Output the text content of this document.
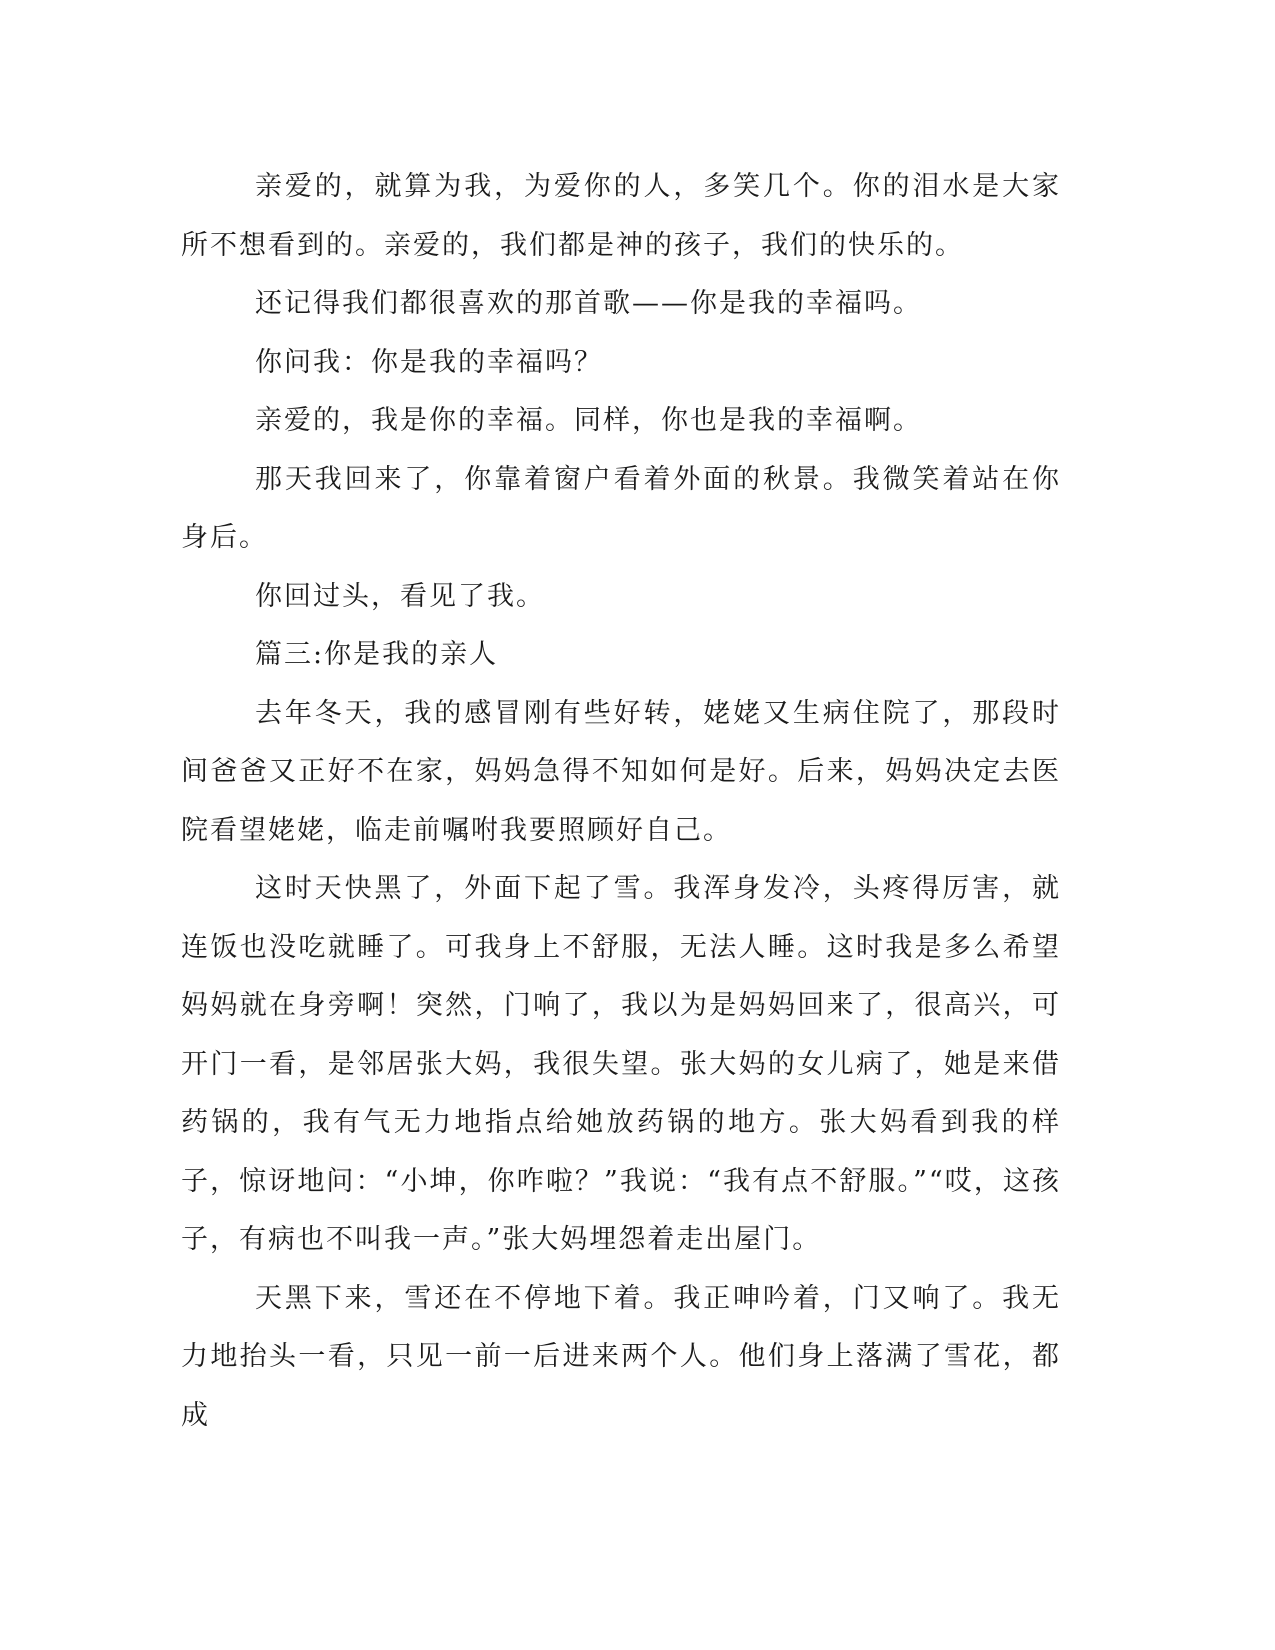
亲爱的，就算为我，为爱你的人，多笑几个。你的泪水是大家所不想看到的。亲爱的，我们都是神的孩子，我们的快乐的。

还记得我们都很喜欢的那首歌——你是我的幸福吗。

你问我：你是我的幸福吗？

亲爱的，我是你的幸福。同样，你也是我的幸福啊。

那天我回来了，你靠着窗户看着外面的秋景。我微笑着站在你身后。

你回过头，看见了我。

篇三:你是我的亲人

去年冬天，我的感冒刚有些好转，姥姥又生病住院了，那段时间爸爸又正好不在家，妈妈急得不知如何是好。后来，妈妈决定去医院看望姥姥，临走前嘱咐我要照顾好自己。

这时天快黑了，外面下起了雪。我浑身发冷，头疼得厉害，就连饭也没吃就睡了。可我身上不舒服，无法人睡。这时我是多么希望妈妈就在身旁啊！突然，门响了，我以为是妈妈回来了，很高兴，可开门一看，是邻居张大妈，我很失望。张大妈的女儿病了，她是来借药锅的，我有气无力地指点给她放药锅的地方。张大妈看到我的样子，惊讶地问：“小坤，你咋啦？”我说：“我有点不舒服。”“哎，这孩子，有病也不叫我一声。”张大妈埋怨着走出屋门。

天黑下来，雪还在不停地下着。我正呻吟着，门又响了。我无力地抬头一看，只见一前一后进来两个人。他们身上落满了雪花，都成
